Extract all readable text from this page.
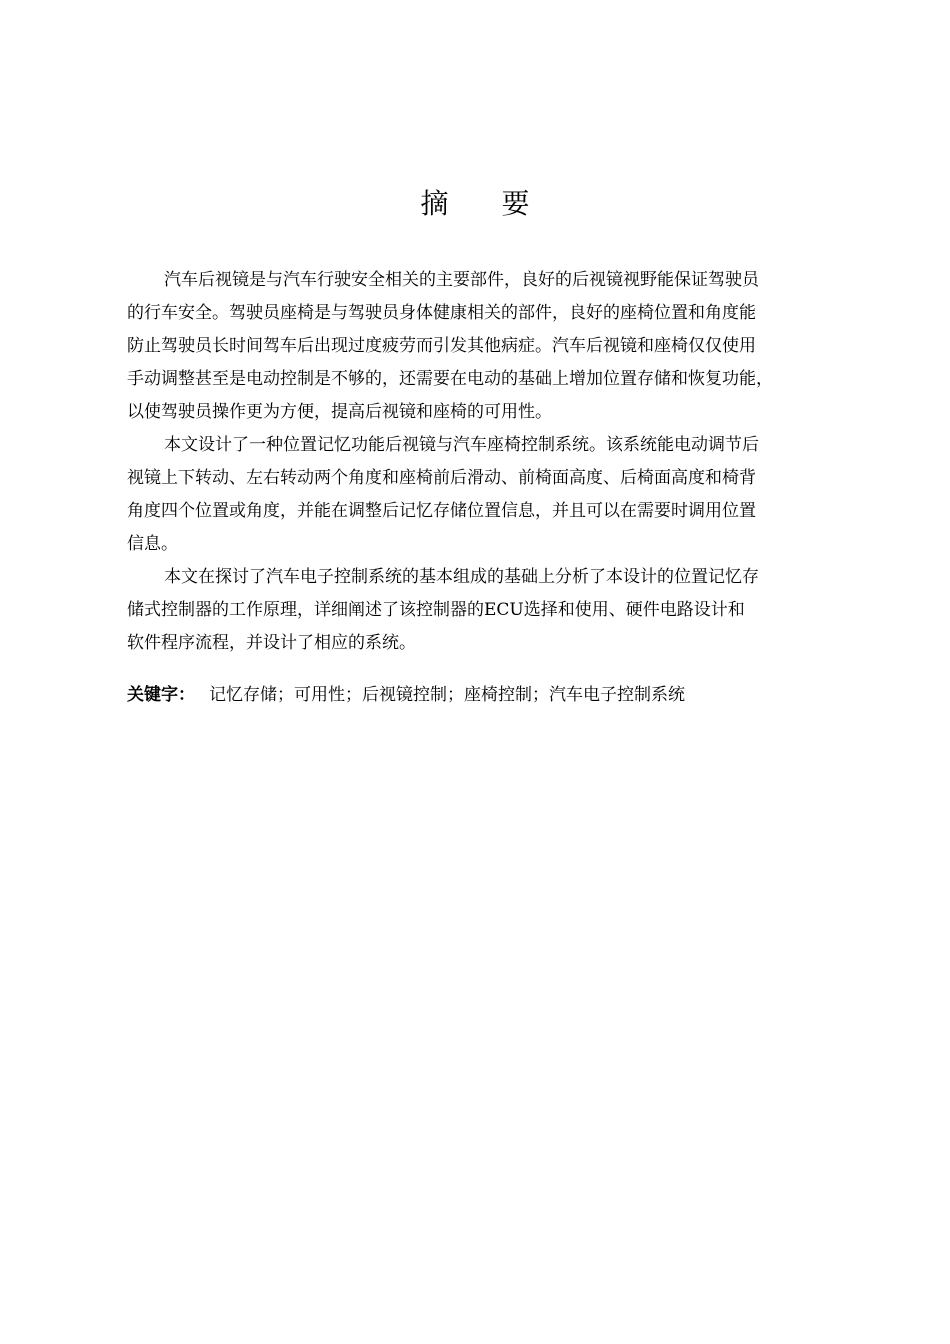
摘 要

汽车后视镜是与汽车行驶安全相关的主要部件，良好的后视镜视野能保证驾驶员
的行车安全。驾驶员座椅是与驾驶员身体健康相关的部件，良好的座椅位置和角度能
防止驾驶员长时间驾车后出现过度疲劳而引发其他病症。汽车后视镜和座椅仅仅使用
手动调整甚至是电动控制是不够的，还需要在电动的基础上增加位置存储和恢复功能，
以使驾驶员操作更为方便，提高后视镜和座椅的可用性。

本文设计了一种位置记忆功能后视镜与汽车座椅控制系统。该系统能电动调节后
视镜上下转动、左右转动两个角度和座椅前后滑动、前椅面高度、后椅面高度和椅背
角度四个位置或角度，并能在调整后记忆存储位置信息，并且可以在需要时调用位置
信息。

本文在探讨了汽车电子控制系统的基本组成的基础上分析了本设计的位置记忆存
储式控制器的工作原理，详细阐述了该控制器的ECU选择和使用、硬件电路设计和
软件程序流程，并设计了相应的系统。

关键字： 记忆存储；可用性；后视镜控制；座椅控制；汽车电子控制系统
